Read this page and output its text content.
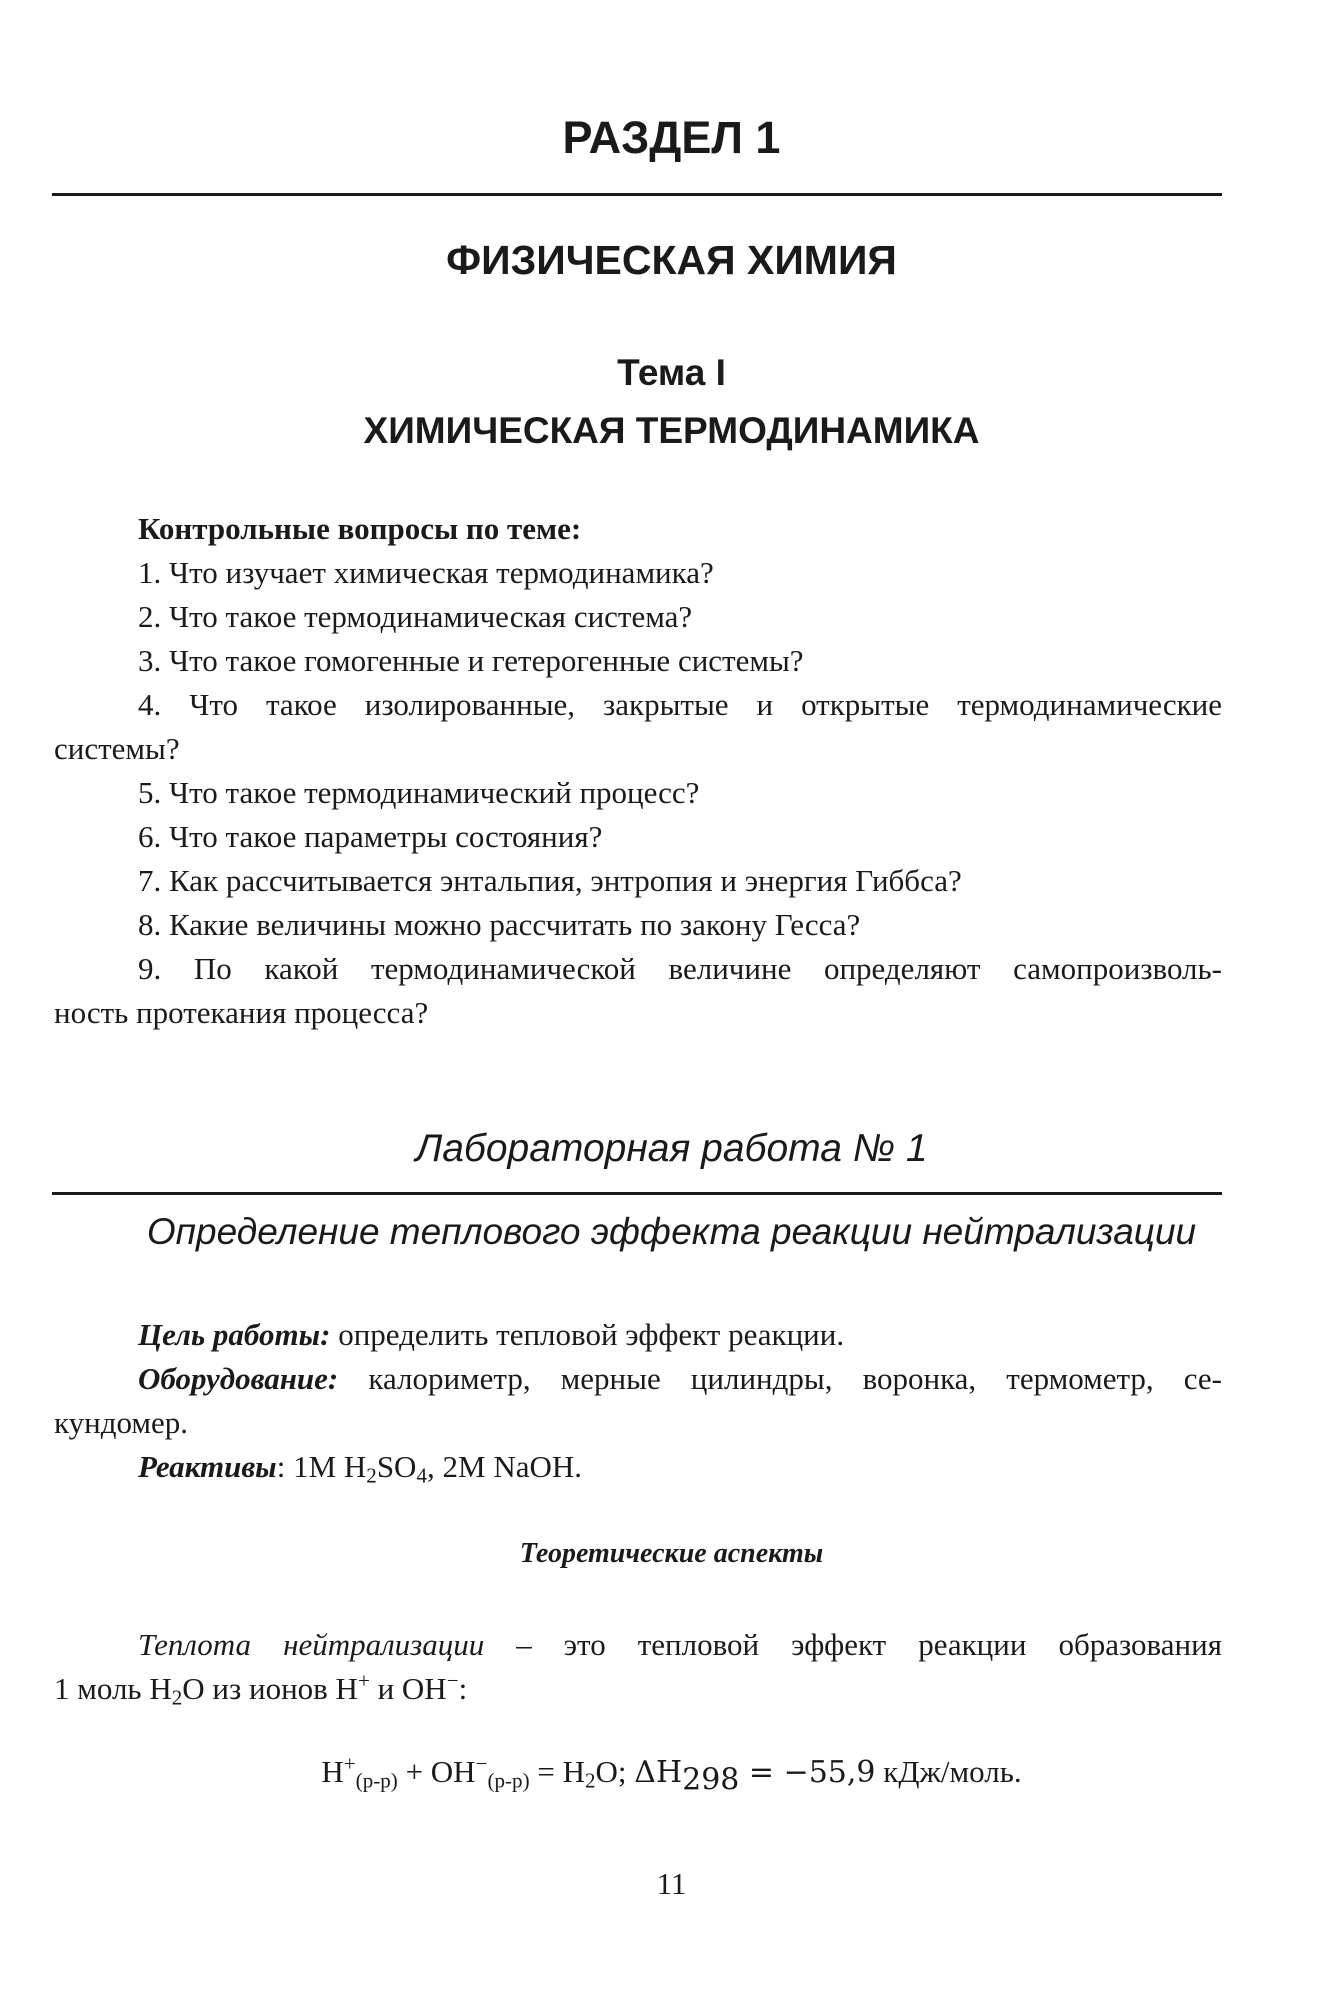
РАЗДЕЛ 1
ФИЗИЧЕСКАЯ ХИМИЯ
Тема I
ХИМИЧЕСКАЯ ТЕРМОДИНАМИКА
Контрольные вопросы по теме:
1. Что изучает химическая термодинамика?
2. Что такое термодинамическая система?
3. Что такое гомогенные и гетерогенные системы?
4. Что такое изолированные, закрытые и открытые термодинамические
системы?
5. Что такое термодинамический процесс?
6. Что такое параметры состояния?
7. Как рассчитывается энтальпия, энтропия и энергия Гиббса?
8. Какие величины можно рассчитать по закону Гесса?
9. По какой термодинамической величине определяют самопроизволь-
ность протекания процесса?
Лабораторная работа № 1
Определение теплового эффекта реакции нейтрализации
Цель работы: определить тепловой эффект реакции.
Оборудование: калориметр, мерные цилиндры, воронка, термометр, се-
кундомер.
Реактивы: 1M $H_2SO_4$, 2M NaOH.
Теоретические аспекты
Теплота нейтрализации – это тепловой эффект реакции образования
1 моль $H_2O$ из ионов H+ и OH−:
$H^+_{(р-р)} + OH^-_{(р-р)} = H_2O$; $\Delta H_{298} = -55,9$ кДж/моль.
11
